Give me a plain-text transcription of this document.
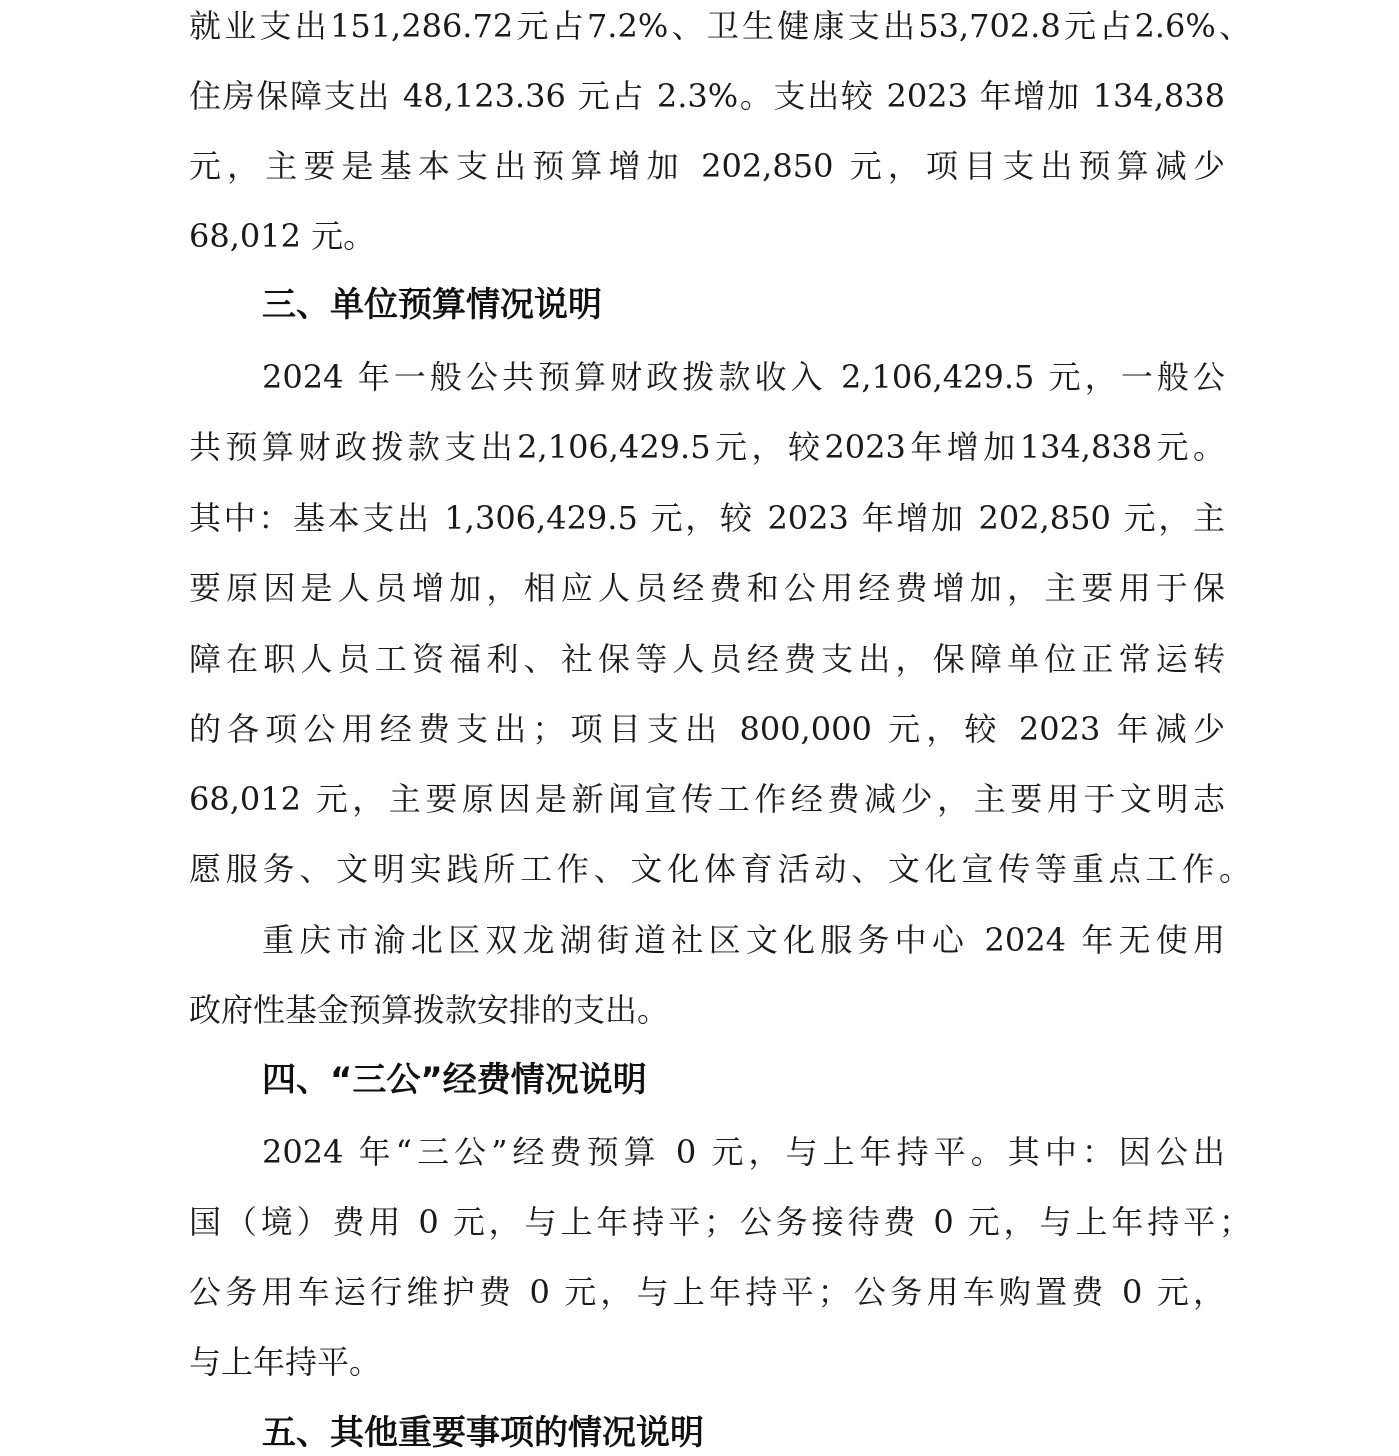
就业支出151,286.72元占7.2%、卫生健康支出53,702.8元占2.6%、
住房保障支出 48,123.36 元占 2.3%。支出较 2023 年增加 134,838
元，主要是基本支出预算增加 202,850 元，项目支出预算减少
68,012 元。
三、单位预算情况说明
2024 年一般公共预算财政拨款收入 2,106,429.5 元，一般公
共预算财政拨款支出2,106,429.5元，较2023年增加134,838元。
其中：基本支出 1,306,429.5 元，较 2023 年增加 202,850 元，主
要原因是人员增加，相应人员经费和公用经费增加，主要用于保
障在职人员工资福利、社保等人员经费支出，保障单位正常运转
的各项公用经费支出；项目支出 800,000 元，较 2023 年减少
68,012 元，主要原因是新闻宣传工作经费减少，主要用于文明志
愿服务、文明实践所工作、文化体育活动、文化宣传等重点工作。
重庆市渝北区双龙湖街道社区文化服务中心 2024 年无使用
政府性基金预算拨款安排的支出。
四、“三公”经费情况说明
2024 年“三公”经费预算 0 元，与上年持平。其中：因公出
国（境）费用 0 元，与上年持平；公务接待费 0 元，与上年持平；
公务用车运行维护费 0 元，与上年持平；公务用车购置费 0 元，
与上年持平。
五、其他重要事项的情况说明
